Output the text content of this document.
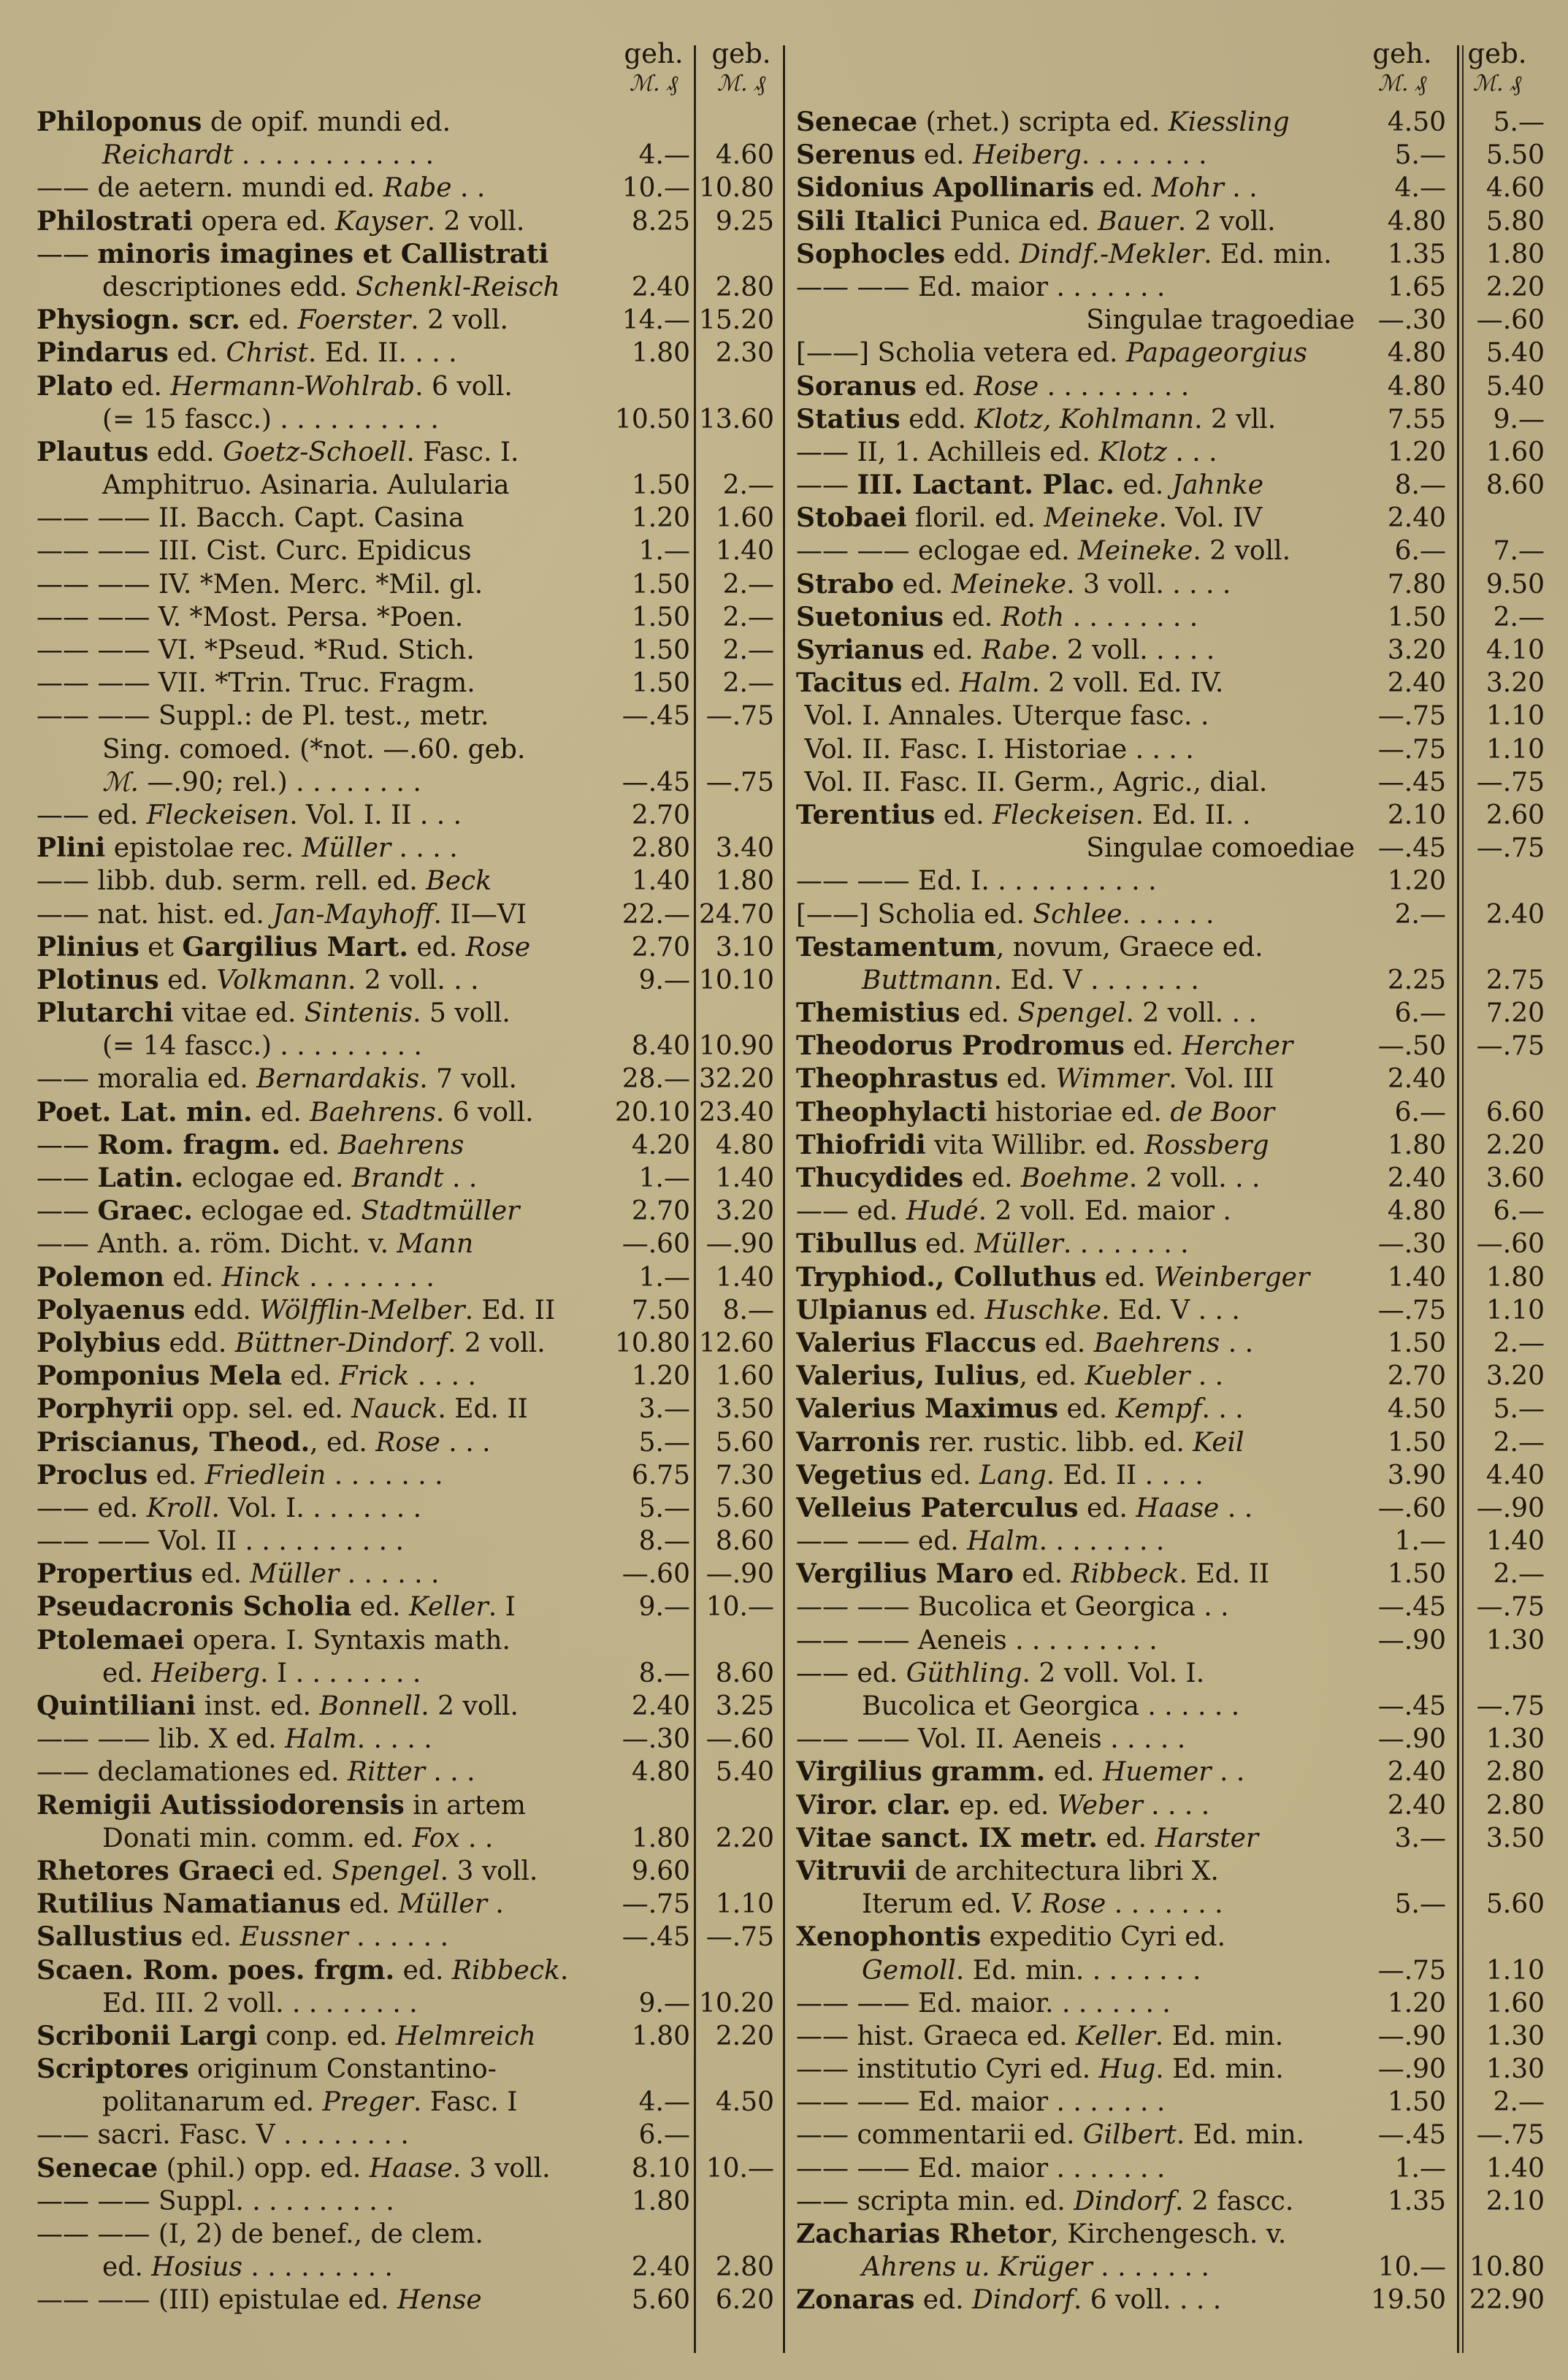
geh.
ℳ. ₰
geb.
ℳ. ₰
Philoponus de opif. mundi ed.
Reichardt . . . . . . . . . . . .	4.— 4.60
—— de aetern. mundi ed. Rabe . .	10.— 10.80
Philostrati opera ed. Kayser. 2 voll.	8.25 9.25
—— minoris imagines et Callistrati
descriptiones edd. Schenkl-Reisch	2.40 2.80
Physiogn. scr. ed. Foerster. 2 voll.	14.— 15.20
Pindarus ed. Christ. Ed. II. . . .	1.80 2.30
Plato ed. Hermann-Wohlrab. 6 voll.
(= 15 fascc.) . . . . . . . . . .	10.50 13.60
Plautus edd. Goetz-Schoell. Fasc. I.
Amphitruo. Asinaria. Aulularia	1.50	2.—
—— —— II. Bacch. Capt. Casina	1.20 1.60
—— —— III. Cist. Curc. Epidicus	1.— 1.40
—— —— IV. *Men. Merc. *Mil. gl.	1.50	2.—
—— —— V. *Most. Persa. *Poen.	1.50	2.—
—— —— VI. *Pseud. *Rud. Stich.	1.50	2.—
—— —— VII. *Trin. Truc. Fragm.	1.50	2.—
—— —— Suppl.: de Pl. test., metr.	—.45 —.75
Sing. comoed. (*not. —.60. geb.
ℳ. —.90; rel.) . . . . . . . .	—.45 —.75
—— ed. Fleckeisen. Vol. I. II . . .	2.70
Plini epistolae rec. Müller . . . .	2.80 3.40
—— libb. dub. serm. rell. ed. Beck	1.40 1.80
—— nat. hist. ed. Jan-Mayhoff. II—VI	22.— 24.70
Plinius et Gargilius Mart. ed. Rose	2.70 3.10
Plotinus ed. Volkmann. 2 voll. . .	9.— 10.10
Plutarchi vitae ed. Sintenis. 5 voll.
(= 14 fascc.) . . . . . . . . .	8.40 10.90
—— moralia ed. Bernardakis. 7 voll.	28.— 32.20
Poet. Lat. min. ed. Baehrens. 6 voll.	20.10 23.40
—— Rom. fragm. ed. Baehrens	4.20 4.80
—— Latin. eclogae ed. Brandt . .	1.— 1.40
—— Graec. eclogae ed. Stadtmüller	2.70 3.20
—— Anth. a. röm. Dicht. v. Mann	—.60 —.90
Polemon ed. Hinck . . . . . . . .	1.— 1.40
Polyaenus edd. Wölfflin-Melber. Ed. II	7.50	8.—
Polybius edd. Büttner-Dindorf. 2 voll.	10.80 12.60
Pomponius Mela ed. Frick . . . .	1.20 1.60
Porphyrii opp. sel. ed. Nauck. Ed. II	3.— 3.50
Priscianus, Theod., ed. Rose . . .	5.— 5.60
Proclus ed. Friedlein . . . . . . .	6.75 7.30
—— ed. Kroll. Vol. I. . . . . . . .	5.— 5.60
—— —— Vol. II . . . . . . . . . .	8.— 8.60
Propertius ed. Müller . . . . . .	—.60 —.90
Pseudacronis Scholia ed. Keller. I	9.— 10.—
Ptolemaei opera. I. Syntaxis math.
ed. Heiberg. I . . . . . . . .	8.— 8.60
Quintiliani inst. ed. Bonnell. 2 voll.	2.40 3.25
—— —— lib. X ed. Halm. . . . .	—.30 —.60
—— declamationes ed. Ritter . . .	4.80 5.40
Remigii Autissiodorensis in artem
Donati min. comm. ed. Fox . .	1.80 2.20
Rhetores Graeci ed. Spengel. 3 voll.	9.60
Rutilius Namatianus ed. Müller .	—.75 1.10
Sallustius ed. Eussner . . . . . .	—.45 —.75
Scaen. Rom. poes. frgm. ed. Ribbeck.
Ed. III. 2 voll. . . . . . . . .	9.— 10.20
Scribonii Largi conp. ed. Helmreich	1.80 2.20
Scriptores originum Constantino-
politanarum ed. Preger. Fasc. I	4.— 4.50
—— sacri. Fasc. V . . . . . . . .	6.—
Senecae (phil.) opp. ed. Haase. 3 voll.	8.10 10.—
—— —— Suppl. . . . . . . . . .	1.80
—— —— (I, 2) de benef., de clem.
ed. Hosius . . . . . . . . .	2.40 2.80
—— —— (III) epistulae ed. Hense	5.60 6.20
geh.
ℳ. ₰
geb.
ℳ. ₰
Senecae (rhet.) scripta ed. Kiessling	4.50	5.—
Serenus ed. Heiberg. . . . . . . .	5.—	5.50
Sidonius Apollinaris ed. Mohr . .	4.—	4.60
Sili Italici Punica ed. Bauer. 2 voll.	4.80	5.80
Sophocles edd. Dindf.-Mekler. Ed. min.	1.35	1.80
—— —— Ed. maior . . . . . . .	1.65	2.20
Singulae tragoediae —.30	—.60
[——] Scholia vetera ed. Papageorgius	4.80	5.40
Soranus ed. Rose . . . . . . . . .	4.80	5.40
Statius edd. Klotz, Kohlmann. 2 vll.	7.55	9.—
—— II, 1. Achilleis ed. Klotz . . .	1.20	1.60
—— III. Lactant. Plac. ed. Jahnke	8.—	8.60
Stobaei floril. ed. Meineke. Vol. IV	2.40
—— —— eclogae ed. Meineke. 2 voll.	6.—	7.—
Strabo ed. Meineke. 3 voll. . . . .	7.80	9.50
Suetonius ed. Roth . . . . . . . .	1.50	2.—
Syrianus ed. Rabe. 2 voll. . . . .	3.20	4.10
Tacitus ed. Halm. 2 voll. Ed. IV.	2.40	3.20
Vol. I. Annales. Uterque fasc. .	—.75	1.10
Vol. II. Fasc. I. Historiae . . . .	—.75	1.10
Vol. II. Fasc. II. Germ., Agric., dial.	—.45	—.75
Terentius ed. Fleckeisen. Ed. II. .	2.10	2.60
Singulae comoediae —.45	—.75
—— —— Ed. I. . . . . . . . . . .	1.20
[——] Scholia ed. Schlee. . . . . .	2.—	2.40
Testamentum, novum, Graece ed.
Buttmann. Ed. V . . . . . . .	2.25	2.75
Themistius ed. Spengel. 2 voll. . .	6.—	7.20
Theodorus Prodromus ed. Hercher	—.50	—.75
Theophrastus ed. Wimmer. Vol. III	2.40
Theophylacti historiae ed. de Boor	6.—	6.60
Thiofridi vita Willibr. ed. Rossberg	1.80	2.20
Thucydides ed. Boehme. 2 voll. . .	2.40	3.60
—— ed. Hudé. 2 voll. Ed. maior .	4.80	6.—
Tibullus ed. Müller. . . . . . . .	—.30	—.60
Tryphiod., Colluthus ed. Weinberger	1.40	1.80
Ulpianus ed. Huschke. Ed. V . . .	—.75	1.10
Valerius Flaccus ed. Baehrens . .	1.50	2.—
Valerius, Iulius, ed. Kuebler . .	2.70	3.20
Valerius Maximus ed. Kempf. . .	4.50	5.—
Varronis rer. rustic. libb. ed. Keil	1.50	2.—
Vegetius ed. Lang. Ed. II . . . .	3.90	4.40
Velleius Paterculus ed. Haase . .	—.60	—.90
—— —— ed. Halm. . . . . . . .	1.—	1.40
Vergilius Maro ed. Ribbeck. Ed. II	1.50	2.—
—— —— Bucolica et Georgica . .	—.45	—.75
—— —— Aeneis . . . . . . . . .	—.90	1.30
—— ed. Güthling. 2 voll. Vol. I.
Bucolica et Georgica . . . . . .	—.45	—.75
—— —— Vol. II. Aeneis . . . . .	—.90	1.30
Virgilius gramm. ed. Huemer . .	2.40	2.80
Viror. clar. ep. ed. Weber . . . .	2.40	2.80
Vitae sanct. IX metr. ed. Harster	3.—	3.50
Vitruvii de architectura libri X.
Iterum ed. V. Rose . . . . . . .	5.—	5.60
Xenophontis expeditio Cyri ed.
Gemoll. Ed. min. . . . . . . .	—.75	1.10
—— —— Ed. maior. . . . . . . .	1.20	1.60
—— hist. Graeca ed. Keller. Ed. min.	—.90	1.30
—— institutio Cyri ed. Hug. Ed. min.	—.90	1.30
—— —— Ed. maior . . . . . . .	1.50	2.—
—— commentarii ed. Gilbert. Ed. min.	—.45	—.75
—— —— Ed. maior . . . . . . .	1.—	1.40
—— scripta min. ed. Dindorf. 2 fascc.	1.35	2.10
Zacharias Rhetor, Kirchengesch. v.
Ahrens u. Krüger . . . . . . .	10.— 10.80
Zonaras ed. Dindorf. 6 voll. . . .	19.50 22.90
